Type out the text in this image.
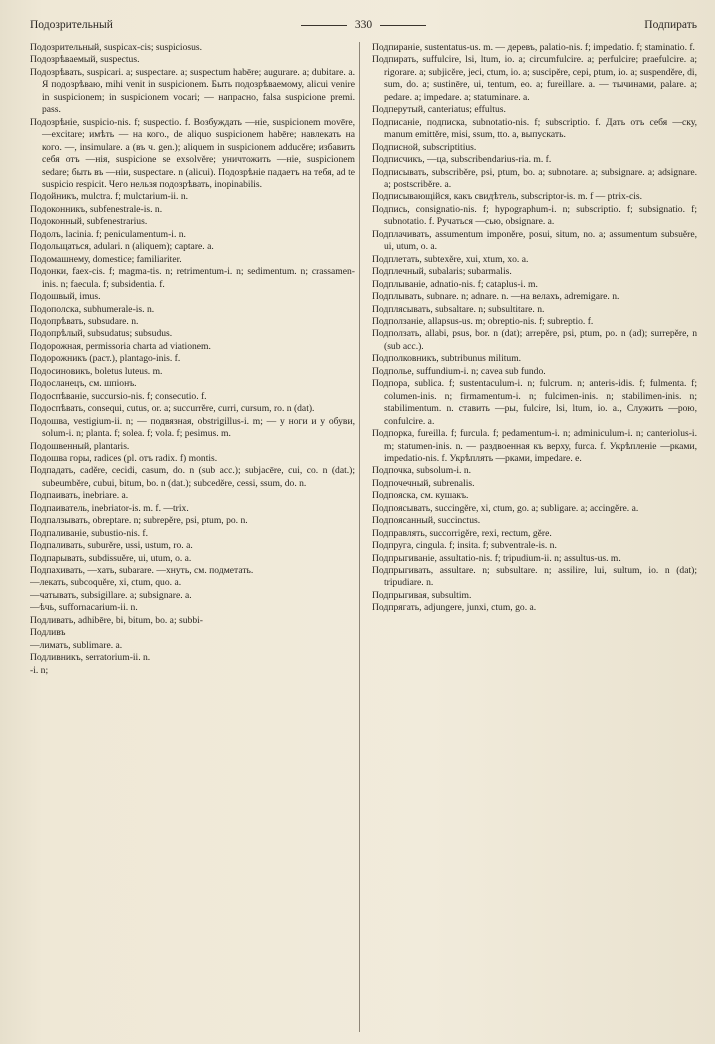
Подозрительный	330	Подпирать

Подозрительный, suspicax-cis; suspiciosus.

Подозрѣваемый, suspectus.

Подозрѣвать, suspicari. a; suspectare. a; suspectum habēre; augurare. a; dubitare. a. Я подозрѣваю, mihi venit in suspicionem. Быть подозрѣваемому, alicui venire in suspicionem; in suspicionem vocari; — напрасно, falsa suspicione premi. pass.

Подозрѣніе, suspicio-nis. f; suspectio. f. Возбуждать —ніе, suspicionem movēre, —excitare; имѣть — на кого., de aliquo suspicionem habēre; навлекать на кого. —, insimulare. a (въ ч. gen.); aliquem in suspicionem adducĕre; избавить себя отъ —нія, suspicione se exsolvĕre; уничтожить —ніе, suspicionem sedare; быть въ —ніи, suspectare. n (alicui). Подозрѣніе падаетъ на тебя, ad te suspicio respicit. Чего нельзя подозрѣвать, inopinabilis.

Подойникъ, mulctra. f; mulctarium-ii. n.

Подоконникъ, subfenestrale-is. n.

Подоконный, subfenestrarius.

Подолъ, lacinia. f; peniculamentum-i. n.

Подольщаться, adulari. n (aliquem); captare. a.

Подомашнему, domestice; familiariter.

Подонки, faex-cis. f; magma-tis. n; retrimentum-i. n; sedimentum. n; crassamen-inis. n; faecula. f; subsidentia. f.

Подошвый, imus.

Подополска, subhumerale-is. n.

Подопрѣвать, subsudare. n.

Подопрѣлый, subsudatus; subsudus.

Подорожная, permissoria charta ad viationem.

Подорожникъ (раст.), plantago-inis. f.

Подосиновикъ, boletus luteus. m.

Подосланецъ, см. шпіонъ.

Подоспѣваніе, succursio-nis. f; consecutio. f.

Подоспѣвать, consequi, cutus, or. a; succurrĕre, curri, cursum, ro. n (dat).

Подошва, vestigium-ii. n; — подвязная, obstrigillus-i. m; — у ноги и у обуви, solum-i. n; planta. f; solea. f; vola. f; pesimus. m.

Подошвенный, plantaris.

Подошва горы, radices (pl. отъ radix. f) montis.

Подпадать, cadĕre, cecidi, casum, do. n (sub acc.); subjacēre, cui, co. n (dat.); subeumbĕre, cubui, bitum, bo. n (dat.); subcedĕre, cessi, ssum, do. n.

Подпаивать, inebriare. a.

Подпаиватель, inebriator-is. m. f. —trix.

Подпалзывать, obreptare. n; subrepĕre, psi, ptum, po. n.

Подпаливаніе, subustio-nis. f.

Подпаливать, suburĕre, ussi, ustum, ro. a.

Подпарывать, subdissuĕre, ui, utum, o. a.

Подпахивать, —хать, subarare. —хнуть, см. подметать.

—лекать, subcoquĕre, xi, ctum, quo. a.

—чатывать, subsigillare. a; subsignare. a.

—ѣчь, suffornacarium-ii. n.

Подливать, adhibēre, bi, bitum, bo. a; subbi-

Подливъ

—лимать, sublimare. a.

Подливникъ, serratorium-ii. n.

-i. n;

Подпираніе, sustentatus-us. m. — деревъ, palatio-nis. f; impedatio. f; staminatio. f.

Подпирать, suffulcire, lsi, ltum, io. a; circumfulcire. a; perfulcire; praefulcire. a; rigorare. a; subjicĕre, jeci, ctum, io. a; suscipĕre, cepi, ptum, io. a; suspendĕre, di, sum, do. a; sustinēre, ui, tentum, eo. a; fureillare. a. — тычинами, palare. a; pedare. a; impedare. a; statuminare. a.

Подперутый, canteriatus; effultus.

Подписаніе, подписка, subnotatio-nis. f; subscriptio. f. Дать отъ себя —ску, manum emittĕre, misi, ssum, tto. a, выпускать.

Подписной, subscriptitius.

Подписчикъ, —ца, subscribendarius-ria. m. f.

Подписывать, subscribĕre, psi, ptum, bo. a; subnotare. a; subsignare. a; adsignare. a; postscribĕre. a.

Подписывающійся, какъ свидѣтель, subscriptor-is. m. f — ptrix-cis.

Подпись, consignatio-nis. f; hypographum-i. n; subscriptio. f; subsignatio. f; subnotatio. f. Ручаться —сью, obsignare. a.

Подплачивать, assumentum imponĕre, posui, situm, no. a; assumentum subsuĕre, ui, utum, o. a.

Подплетать, subtexĕre, xui, xtum, xo. a.

Подплечный, subalaris; subarmalis.

Подплываніе, adnatio-nis. f; cataplus-i. m.

Подплывать, subnare. n; adnare. n. —на велахъ, adremigare. n.

Подплясывать, subsaltare. n; subsultitare. n.

Подползаніе, allapsus-us. m; obreptio-nis. f; subreptio. f.

Подползать, allabi, psus, bor. n (dat); arrepĕre, psi, ptum, po. n (ad); surrepĕre, n (sub acc.).

Подполковникъ, subtribunus militum.

Подполье, suffundium-i. n; cavea sub fundo.

Подпора, sublica. f; sustentaculum-i. n; fulcrum. n; anteris-idis. f; fulmenta. f; columen-inis. n; firmamentum-i. n; fulcimen-inis. n; stabilimen-inis. n; stabilimentum. n. ставить —ры, fulcire, lsi, ltum, io. a., Служить —рою, confulcire. a.

Подпорка, fureilla. f; furcula. f; pedamentum-i. n; adminiculum-i. n; canteriolus-i. m; statumen-inis. n. — раздвоенная къ верху, furca. f. Укрѣпленіе —рками, impedatio-nis. f. Укрѣплять —рками, impedare. e.

Подпочка, subsolum-i. n.

Подпочечный, subrenalis.

Подпояска, см. кушакъ.

Подпоясывать, succingĕre, xi, ctum, go. a; subligare. a; accingĕre. a.

Подпоясанный, succinctus.

Подправлять, succorrigĕre, rexi, rectum, gĕre.

Подпруга, cingula. f; insita. f; subventrale-is. n.

Подпрыгиваніе, assultatio-nis. f; tripudium-ii. n; assultus-us. m.

Подпрыгивать, assultare. n; subsultare. n; assilire, lui, sultum, io. n (dat); tripudiare. n.

Подпрыгивая, subsultim.

Подпрягать, adjungere, junxi, ctum, go. a.
